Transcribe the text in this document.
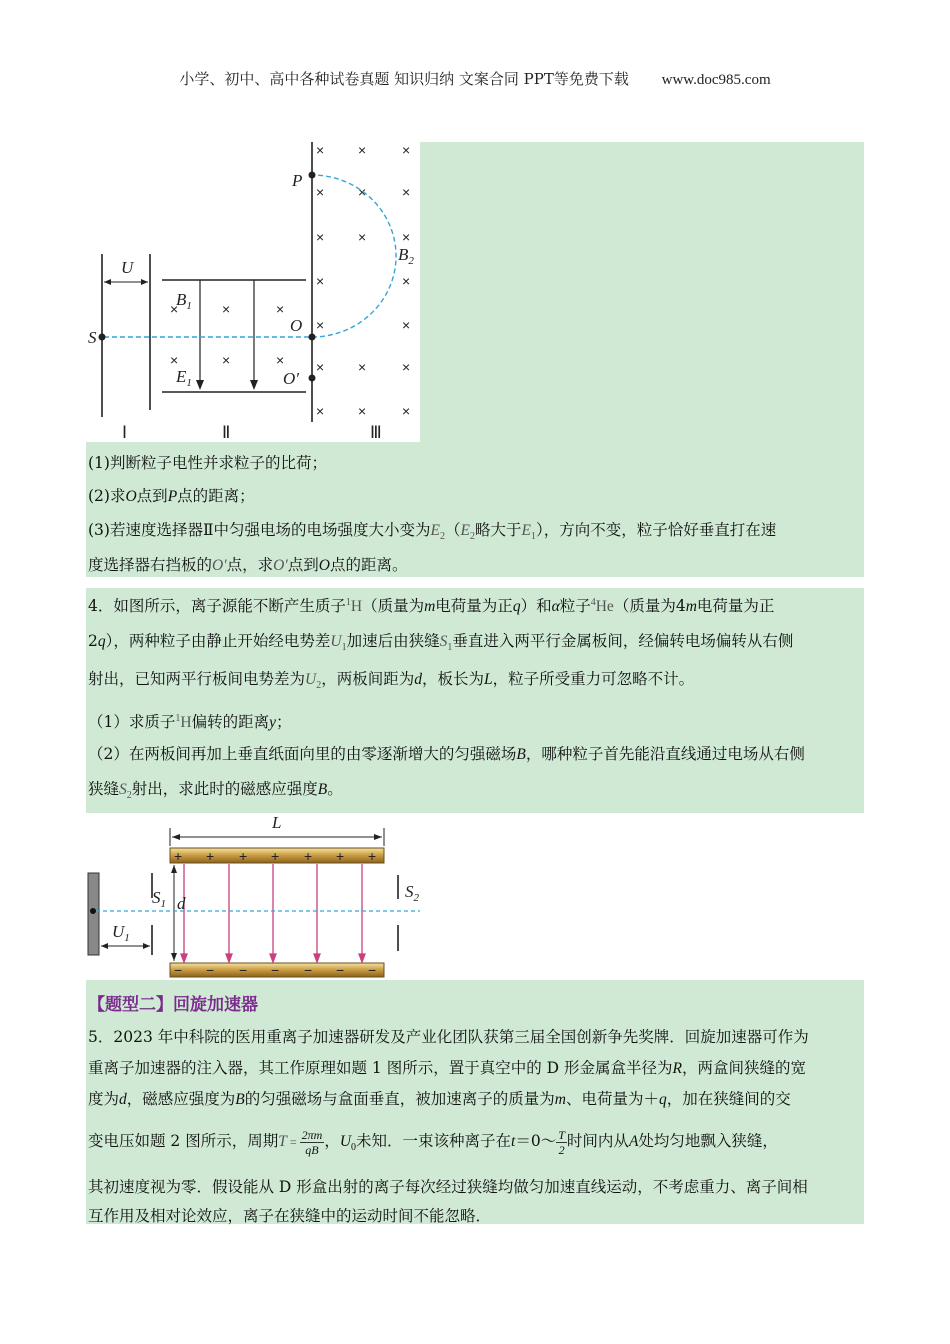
小学、初中、高中各种试卷真题 知识归纳 文案合同 PPT等免费下载 www.doc985.com
× ×	×
× ×	×
× ×	×
×	×
×	×
× ×	×
× ×	×
×	×	×
×	×	×
P
$B_2$
U
$B_1$
S
O
O′
$E_1$
Ⅰ	Ⅱ	Ⅲ
(1)判断粒子电性并求粒子的比荷；
(2)求O点到P点的距离；
(3)若速度选择器Ⅱ中匀强电场的电场强度大小变为$E_2(E_2$略大于$E_1$），方向不变，粒子恰好垂直打在速
度选择器右挡板的O′点，求O′点到O点的距离。
4．如图所示，离子源能不断产生质子$^1$H（质量为m电荷量为正q）和α粒子$^4$He（质量为4m电荷量为正
2q），两种粒子由静止开始经电势差$U_1$加速后由狭缝$S_1$垂直进入两平行金属板间，经偏转电场偏转从右侧
射出，已知两平行板间电势差为$U_2$，两板间距为d，板长为L，粒子所受重力可忽略不计。
（1）求质子$^1$H偏转的距离y；
（2）在两板间再加上垂直纸面向里的由零逐渐增大的匀强磁场B，哪种粒子首先能沿直线通过电场从右侧
狭缝$S_2$射出，求此时的磁感应强度B。
+ + + + + + +
− − − − − − −
L
$S_1$ d
$S_2$
$U_1$
【题型二】回旋加速器
5．2023 年中科院的医用重离子加速器研发及产业化团队获第三届全国创新争先奖牌．回旋加速器可作为
重离子加速器的注入器，其工作原理如题 1 图所示，置于真空中的 D 形金属盒半径为R，两盒间狭缝的宽
度为d，磁感应强度为B的匀强磁场与盒面垂直，被加速离子的质量为m、电荷量为＋q，加在狭缝间的交
变电压如题 2 图所示，周期$T = \frac{2\pi m}{qB}$ ，$U_0$未知．一束该种离子在t＝0～ $\frac{T}{2}$ 时间内从A处均匀地飘入狭缝，
其初速度视为零．假设能从 D 形盒出射的离子每次经过狭缝均做匀加速直线运动，不考虑重力、离子间相
互作用及相对论效应，离子在狭缝中的运动时间不能忽略．
